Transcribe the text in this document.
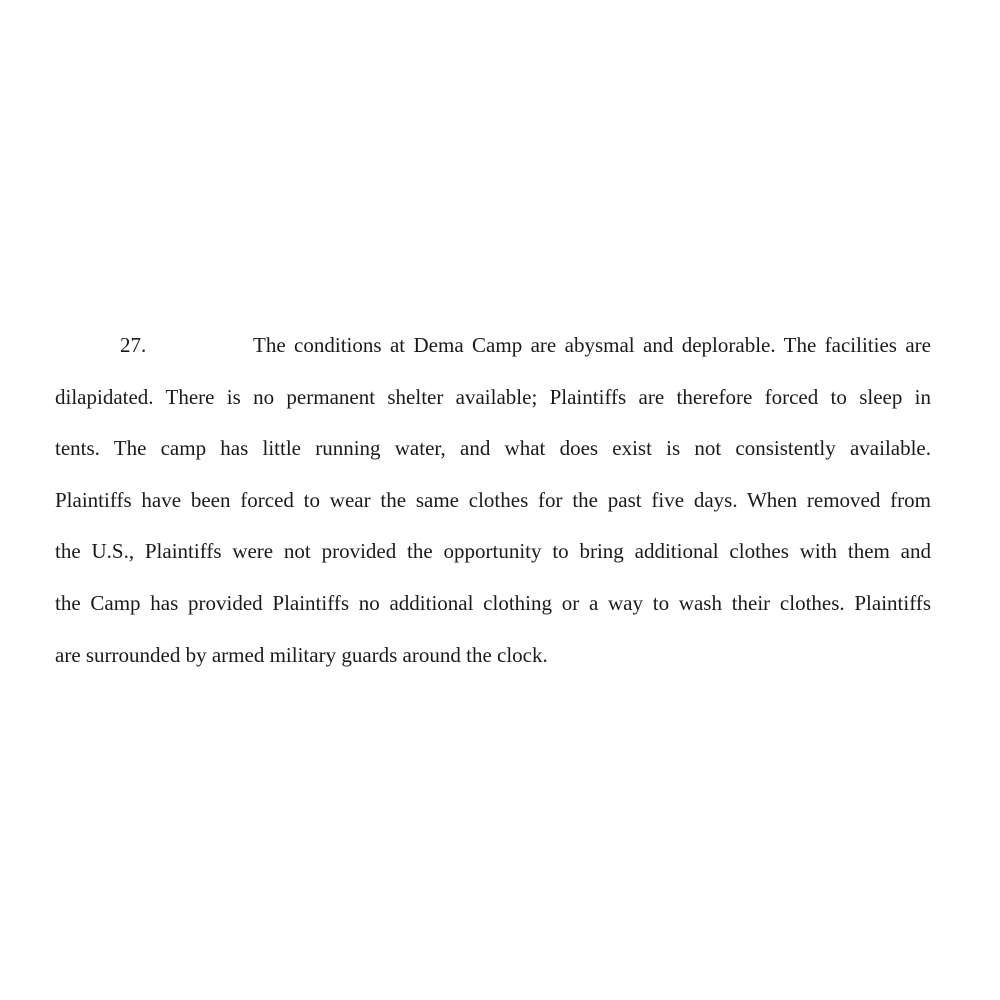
27.	The conditions at Dema Camp are abysmal and deplorable. The facilities are
dilapidated. There is no permanent shelter available; Plaintiffs are therefore forced to sleep in
tents. The camp has little running water, and what does exist is not consistently available.
Plaintiffs have been forced to wear the same clothes for the past five days. When removed from
the U.S., Plaintiffs were not provided the opportunity to bring additional clothes with them and
the Camp has provided Plaintiffs no additional clothing or a way to wash their clothes. Plaintiffs
are surrounded by armed military guards around the clock.
